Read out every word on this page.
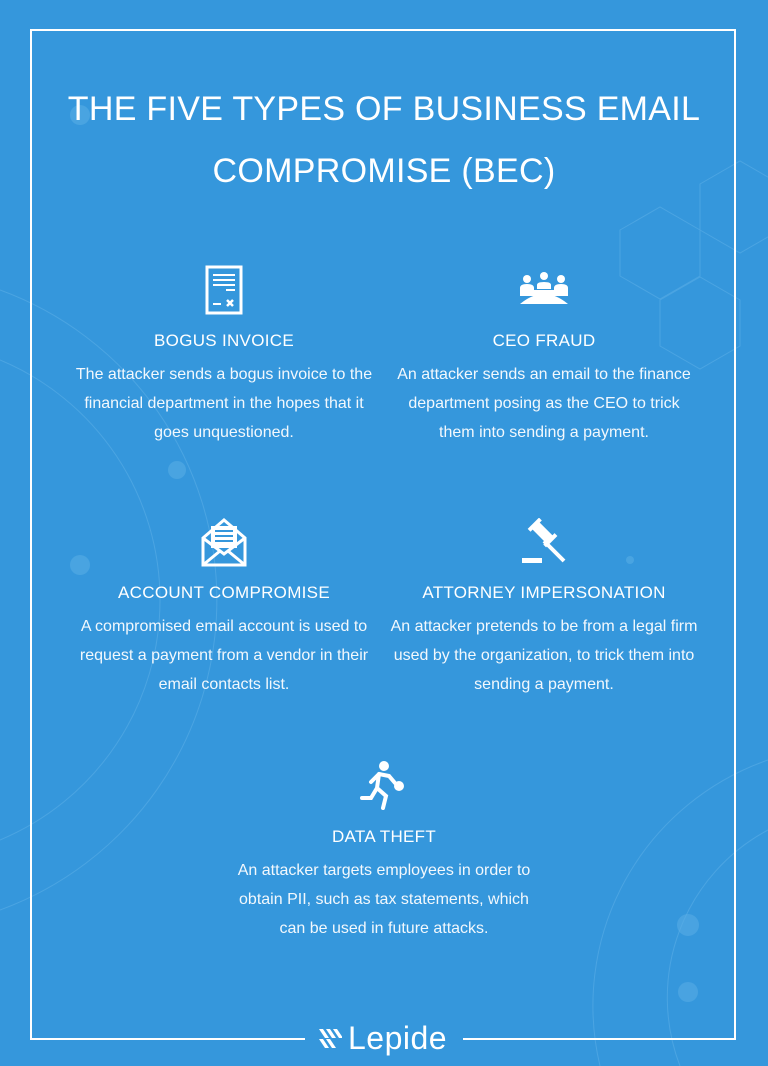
THE FIVE TYPES OF BUSINESS EMAIL
COMPROMISE (BEC)
BOGUS INVOICE

The attacker sends a bogus invoice to the financial department in the hopes that it goes unquestioned.

CEO FRAUD

An attacker sends an email to the finance department posing as the CEO to trick them into sending a payment.

ACCOUNT COMPROMISE

A compromised email account is used to request a payment from a vendor in their email contacts list.

ATTORNEY IMPERSONATION

An attacker pretends to be from a legal firm used by the organization, to trick them into sending a payment.

DATA THEFT

An attacker targets employees in order to obtain PII, such as tax statements, which can be used in future attacks.

Lepide
